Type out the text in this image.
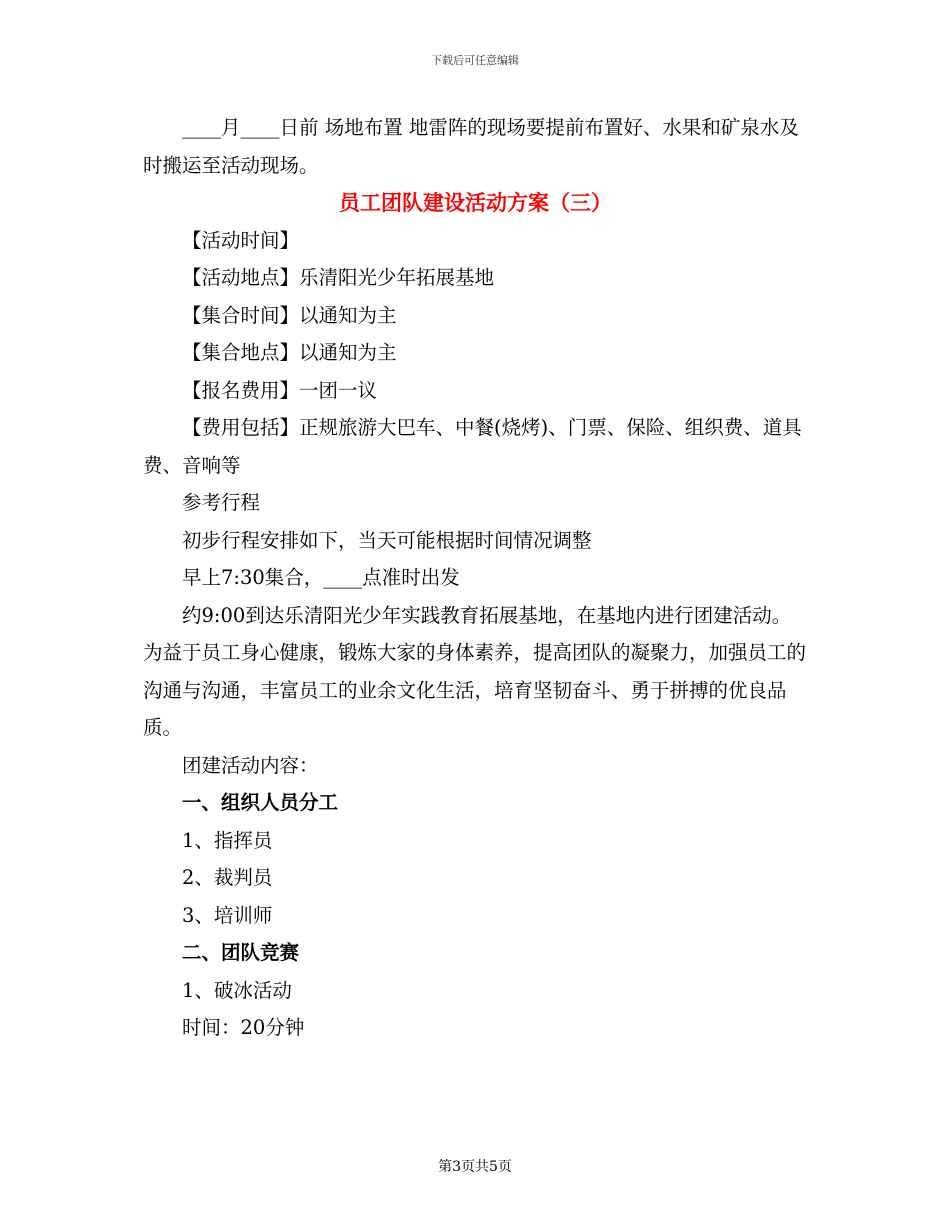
下载后可任意编辑

____月____日前 场地布置 地雷阵的现场要提前布置好、水果和矿泉水及时搬运至活动现场。

员工团队建设活动方案（三）

【活动时间】

【活动地点】乐清阳光少年拓展基地

【集合时间】以通知为主

【集合地点】以通知为主

【报名费用】一团一议

【费用包括】正规旅游大巴车、中餐(烧烤)、门票、保险、组织费、道具费、音响等

参考行程

初步行程安排如下，当天可能根据时间情况调整

早上7:30集合，____点准时出发

约9:00到达乐清阳光少年实践教育拓展基地，在基地内进行团建活动。为益于员工身心健康，锻炼大家的身体素养，提高团队的凝聚力，加强员工的沟通与沟通，丰富员工的业余文化生活，培育坚韧奋斗、勇于拼搏的优良品质。

团建活动内容：

一、组织人员分工

1、指挥员

2、裁判员

3、培训师

二、团队竞赛

1、破冰活动

时间：20分钟

第3页共5页
